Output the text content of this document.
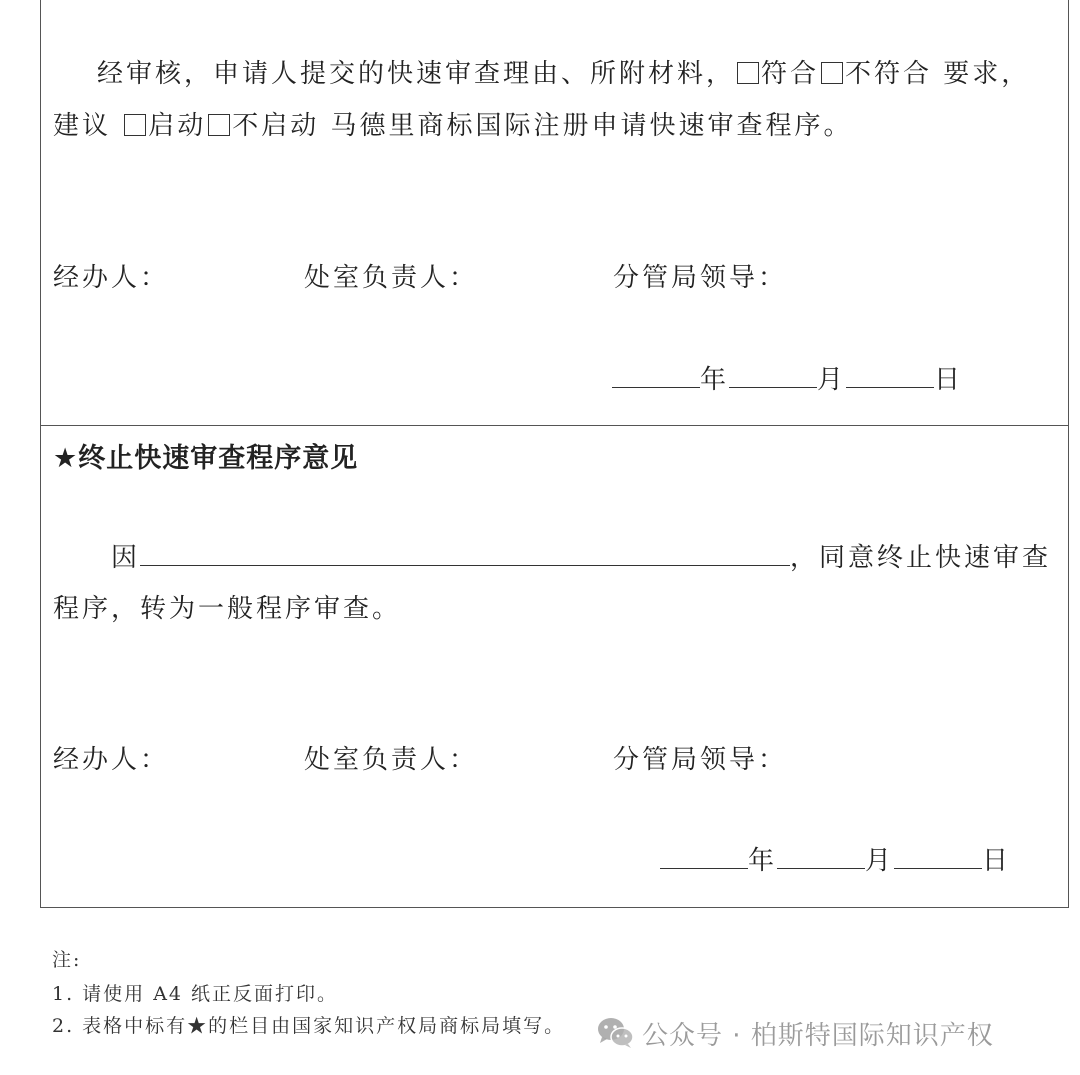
经审核，申请人提交的快速审查理由、所附材料， 符合 不符合 要求，
建议 启动 不启动 马德里商标国际注册申请快速审查程序。
经办人：	处室负责人：	分管局领导：
年	月	日
★终止快速审查程序意见
因	，同意终止快速审查
程序，转为一般程序审查。
经办人：	处室负责人：	分管局领导：
年	月	日
注:
1. 请使用 A4 纸正反面打印。
2. 表格中标有★的栏目由国家知识产权局商标局填写。	公众号 · 柏斯特国际知识产权
